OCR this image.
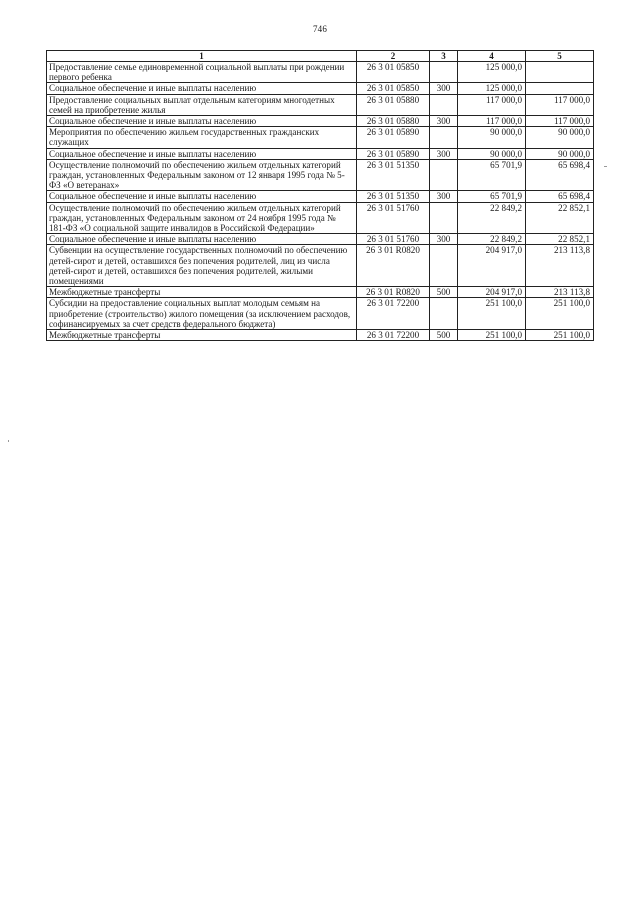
746
1	2	3	4	5
Предоставление семье единовременной социальной выплаты при рождении первого ребенка	26 3 01 05850		125 000,0	
Социальное обеспечение и иные выплаты населению	26 3 01 05850	300	125 000,0	
Предоставление социальных выплат отдельным категориям многодетных семей на приобретение жилья	26 3 01 05880		117 000,0	117 000,0
Социальное обеспечение и иные выплаты населению	26 3 01 05880	300	117 000,0	117 000,0
Мероприятия по обеспечению жильем государственных гражданских служащих	26 3 01 05890		90 000,0	90 000,0
Социальное обеспечение и иные выплаты населению	26 3 01 05890	300	90 000,0	90 000,0
Осуществление полномочий по обеспечению жильем отдельных категорий граждан, установленных Федеральным законом от 12 января 1995 года № 5-ФЗ «О ветеранах»	26 3 01 51350		65 701,9	65 698,4
Социальное обеспечение и иные выплаты населению	26 3 01 51350	300	65 701,9	65 698,4
Осуществление полномочий по обеспечению жильем отдельных категорий граждан, установленных Федеральным законом от 24 ноября 1995 года № 181-ФЗ «О социальной защите инвалидов в Российской Федерации»	26 3 01 51760		22 849,2	22 852,1
Социальное обеспечение и иные выплаты населению	26 3 01 51760	300	22 849,2	22 852,1
Субвенции на осуществление государственных полномочий по обеспечению детей-сирот и детей, оставшихся без попечения родителей, лиц из числа детей-сирот и детей, оставшихся без попечения родителей, жилыми помещениями	26 3 01 R0820		204 917,0	213 113,8
Межбюджетные трансферты	26 3 01 R0820	500	204 917,0	213 113,8
Субсидии на предоставление социальных выплат молодым семьям на приобретение (строительство) жилого помещения (за исключением расходов, софинансируемых за счет средств федерального бюджета)	26 3 01 72200		251 100,0	251 100,0
Межбюджетные трансферты	26 3 01 72200	500	251 100,0	251 100,0
